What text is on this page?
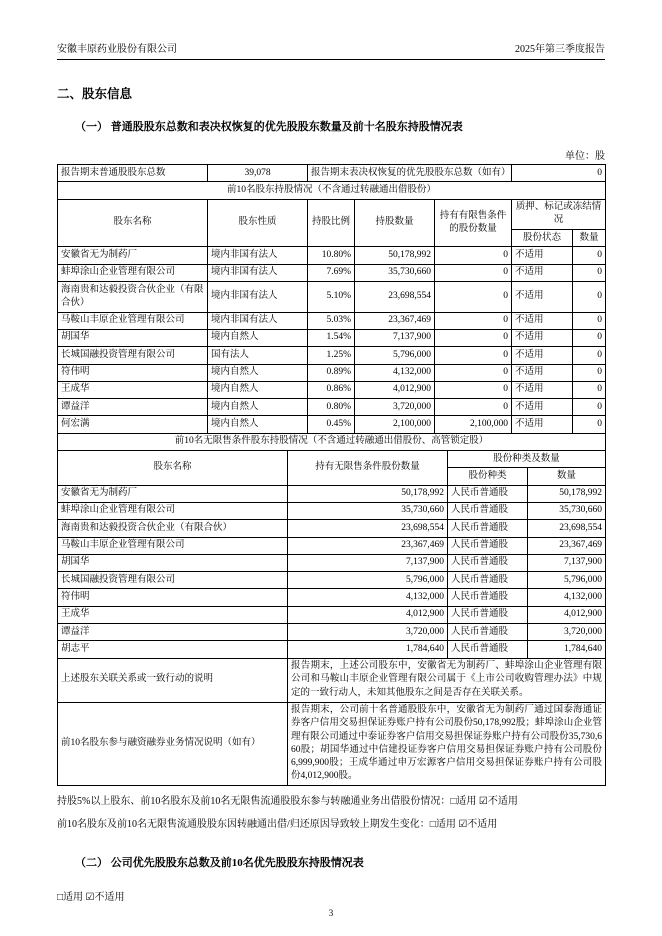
安徽丰原药业股份有限公司	2025年第三季度报告
二、股东信息
（一） 普通股股东总数和表决权恢复的优先股股东数量及前十名股东持股情况表
单位：股
报告期末普通股股东总数	39,078	报告期末表决权恢复的优先股股东总数（如有）			0	
前10名股东持股情况（不含通过转融通出借股份）						
股东名称	股东性质	持股比例	持股数量	持有有限售条件的股份数量	质押、标记或冻结情况	
					股份状态	数量
安徽省无为制药厂	境内非国有法人	10.80%	50,178,992	0	不适用	0
蚌埠涂山企业管理有限公司	境内非国有法人	7.69%	35,730,660	0	不适用	0
海南贵和达毅投资合伙企业（有限合伙）	境内非国有法人	5.10%	23,698,554	0	不适用	0
马鞍山丰原企业管理有限公司	境内非国有法人	5.03%	23,367,469	0	不适用	0
胡国华	境内自然人	1.54%	7,137,900	0	不适用	0
长城国融投资管理有限公司	国有法人	1.25%	5,796,000	0	不适用	0
符伟明	境内自然人	0.89%	4,132,000	0	不适用	0
王成华	境内自然人	0.86%	4,012,900	0	不适用	0
谭益洋	境内自然人	0.80%	3,720,000	0	不适用	0
何宏满	境内自然人	0.45%	2,100,000	2,100,000	不适用	0
前10名无限售条件股东持股情况（不含通过转融通出借股份、高管锁定股）			
股东名称	持有无限售条件股份数量	股份种类及数量	
		股份种类	数量
安徽省无为制药厂	50,178,992	人民币普通股	50,178,992
蚌埠涂山企业管理有限公司	35,730,660	人民币普通股	35,730,660
海南贵和达毅投资合伙企业（有限合伙）	23,698,554	人民币普通股	23,698,554
马鞍山丰原企业管理有限公司	23,367,469	人民币普通股	23,367,469
胡国华	7,137,900	人民币普通股	7,137,900
长城国融投资管理有限公司	5,796,000	人民币普通股	5,796,000
符伟明	4,132,000	人民币普通股	4,132,000
王成华	4,012,900	人民币普通股	4,012,900
谭益洋	3,720,000	人民币普通股	3,720,000
胡志平	1,784,640	人民币普通股	1,784,640
上述股东关联关系或一致行动的说明	报告期末，上述公司股东中，安徽省无为制药厂、蚌埠涂山企业管理有限公司和马鞍山丰原企业管理有限公司属于《上市公司收购管理办法》中规定的一致行动人，未知其他股东之间是否存在关联关系。		
前10名股东参与融资融券业务情况说明（如有）	报告期末，公司前十名普通股股东中，安徽省无为制药厂通过国泰海通证券客户信用交易担保证券账户持有公司股份50,178,992股；蚌埠涂山企业管理有限公司通过中泰证券客户信用交易担保证券账户持有公司股份35,730,660股；胡国华通过中信建投证券客户信用交易担保证券账户持有公司股份6,999,900股；王成华通过申万宏源客户信用交易担保证券账户持有公司股份4,012,900股。		
持股5%以上股东、前10名股东及前10名无限售流通股股东参与转融通业务出借股份情况：□适用 ☑不适用
前10名股东及前10名无限售流通股股东因转融通出借/归还原因导致较上期发生变化：□适用 ☑不适用
（二） 公司优先股股东总数及前10名优先股股东持股情况表
□适用 ☑不适用
3
